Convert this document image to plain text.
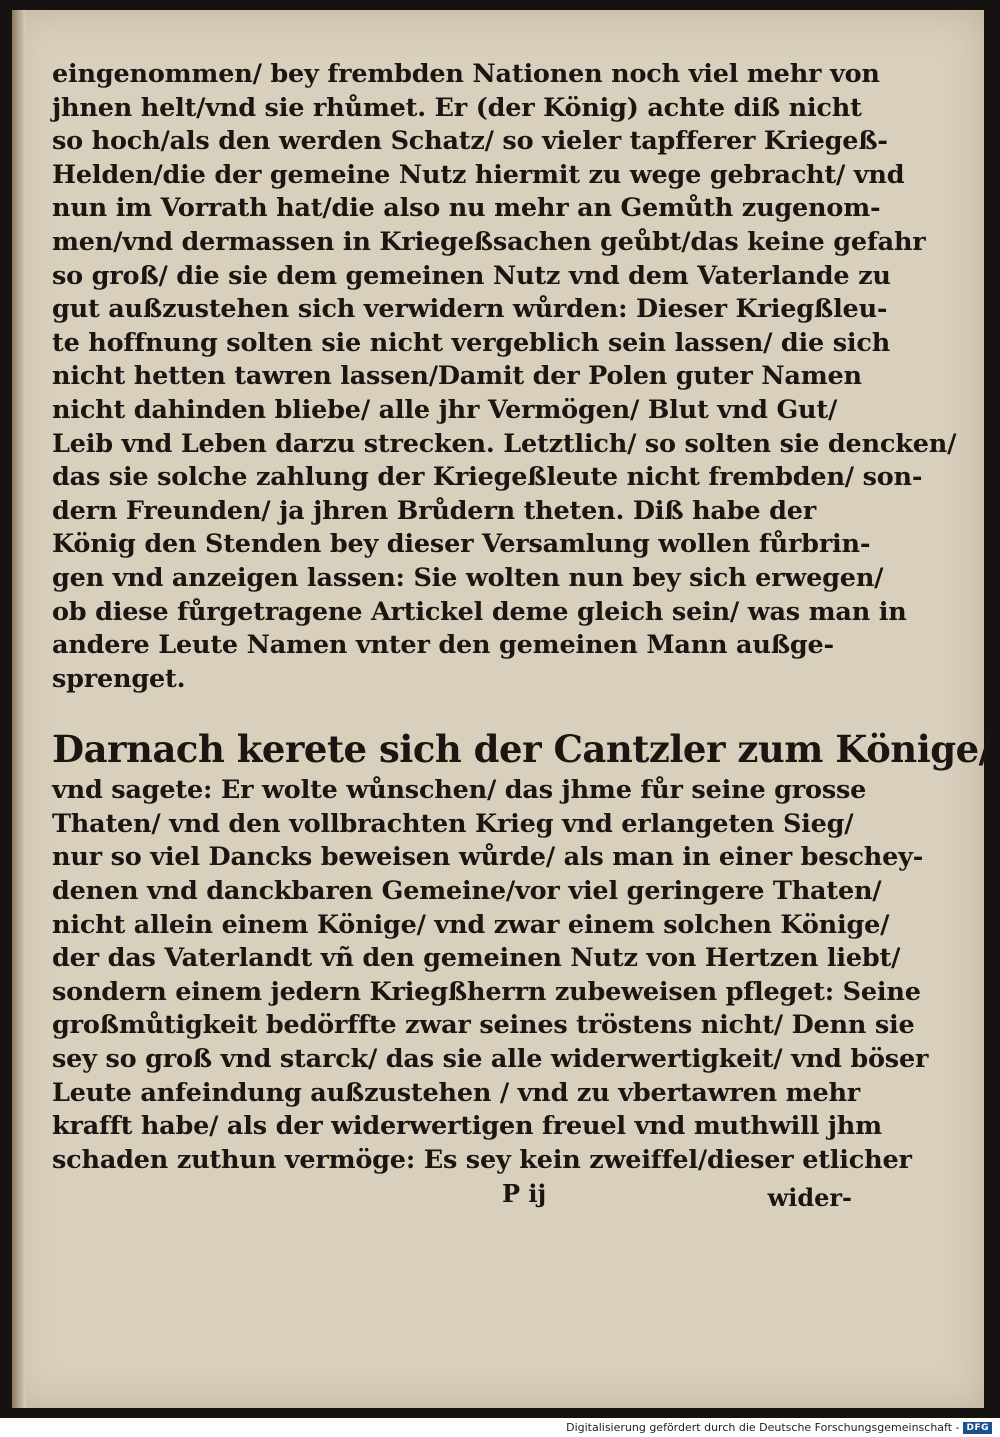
eingenommen/ bey frembden Nationen noch viel mehr von
jhnen helt/vnd sie rhůmet. Er (der König) achte diß nicht
so hoch/als den werden Schatz/ so vieler tapfferer Kriegeß-
Helden/die der gemeine Nutz hiermit zu wege gebracht/ vnd
nun im Vorrath hat/die also nu mehr an Gemůth zugenom-
men/vnd dermassen in Kriegeßsachen geůbt/das keine gefahr
so groß/ die sie dem gemeinen Nutz vnd dem Vaterlande zu
gut außzustehen sich verwidern wůrden: Dieser Kriegßleu-
te hoffnung solten sie nicht vergeblich sein lassen/ die sich
nicht hetten tawren lassen/Damit der Polen guter Namen
nicht dahinden bliebe/ alle jhr Vermögen/ Blut vnd Gut/
Leib vnd Leben darzu strecken. Letztlich/ so solten sie dencken/
das sie solche zahlung der Kriegeßleute nicht frembden/ son-
dern Freunden/ ja jhren Brůdern theten. Diß habe der
König den Stenden bey dieser Versamlung wollen fůrbrin-
gen vnd anzeigen lassen: Sie wolten nun bey sich erwegen/
ob diese fůrgetragene Artickel deme gleich sein/ was man in
andere Leute Namen vnter den gemeinen Mann außge-
sprenget.
Darnach kerete sich der Cantzler zum Könige/
vnd sagete: Er wolte wůnschen/ das jhme fůr seine grosse
Thaten/ vnd den vollbrachten Krieg vnd erlangeten Sieg/
nur so viel Dancks beweisen wůrde/ als man in einer beschey-
denen vnd danckbaren Gemeine/vor viel geringere Thaten/
nicht allein einem Könige/ vnd zwar einem solchen Könige/
der das Vaterlandt vñ den gemeinen Nutz von Hertzen liebt/
sondern einem jedern Kriegßherrn zubeweisen pfleget: Seine
großmůtigkeit bedörffte zwar seines tröstens nicht/ Denn sie
sey so groß vnd starck/ das sie alle widerwertigkeit/ vnd böser
Leute anfeindung außzustehen / vnd zu vbertawren mehr
krafft habe/ als der widerwertigen freuel vnd muthwill jhm
schaden zuthun vermöge: Es sey kein zweiffel/dieser etlicher
P ij	wider-
Digitalisierung gefördert durch die Deutsche Forschungsgemeinschaft - DFG
